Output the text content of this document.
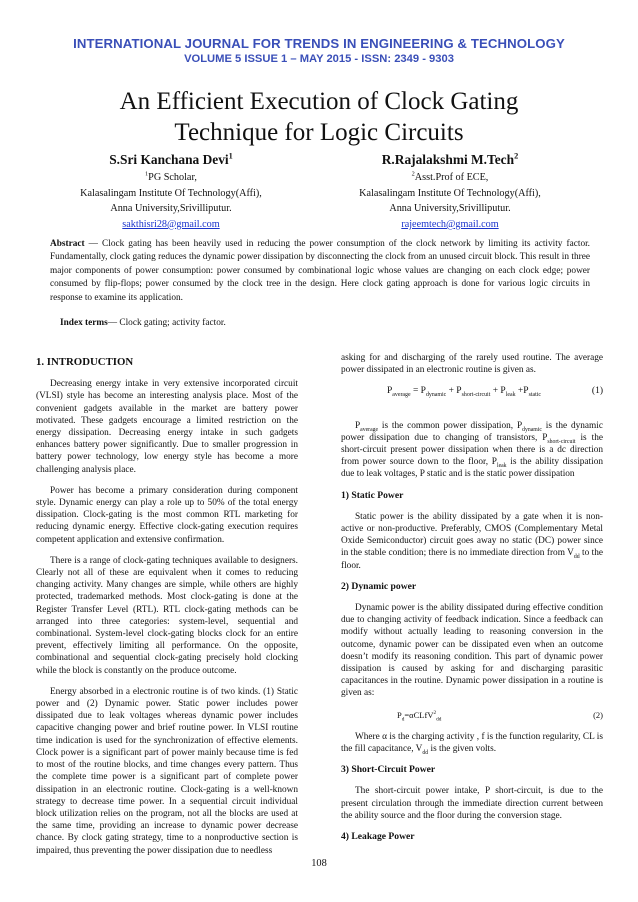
INTERNATIONAL JOURNAL FOR TRENDS IN ENGINEERING & TECHNOLOGY
VOLUME 5 ISSUE 1 – MAY 2015 - ISSN: 2349 - 9303
An Efficient Execution of Clock Gating
Technique for Logic Circuits
S.Sri Kanchana Devi$^1$
$^1$PG Scholar,
Kalasalingam Institute Of Technology(Affi),
Anna University,Srivilliputur.
sakthisri28@gmail.com
R.Rajalakshmi M.Tech$^2$
$^2$Asst.Prof of ECE,
Kalasalingam Institute Of Technology(Affi),
Anna University,Srivilliputur.
rajeemtech@gmail.com
Abstract — Clock gating has been heavily used in reducing the power consumption of the clock network by limiting its activity factor. Fundamentally, clock gating reduces the dynamic power dissipation by disconnecting the clock from an unused circuit block. This result in three major components of power consumption: power consumed by combinational logic whose values are changing on each clock edge; power consumed by flip-flops; power consumed by the clock tree in the design. Here clock gating approach is done for various logic circuits in response to examine its application.
Index terms— Clock gating; activity factor.
1. INTRODUCTION

Decreasing energy intake in very extensive incorporated circuit (VLSI) style has become an interesting analysis place. Most of the convenient gadgets available in the market are battery power motivated. These gadgets encourage a limited restriction on the energy dissipation. Decreasing energy intake in such gadgets enhances battery power significantly. Due to smaller progression in battery power technology, low energy style has become a more challenging analysis place.

Power has become a primary consideration during component style. Dynamic energy can play a role up to 50% of the total energy dissipation. Clock-gating is the most common RTL marketing for reducing dynamic energy. Effective clock-gating execution requires competent application and extensive confirmation.

There is a range of clock-gating techniques available to designers. Clearly not all of these are equivalent when it comes to reducing changing activity. Many changes are simple, while others are highly protected, trademarked methods. Most clock-gating is done at the Register Transfer Level (RTL). RTL clock-gating methods can be arranged into three categories: system-level, sequential and combinational. System-level clock-gating blocks clock for an entire prevent, effectively limiting all performance. On the opposite, combinational and sequential clock-gating precisely hold clocking while the block is constantly on the produce outcome.

Energy absorbed in a electronic routine is of two kinds. (1) Static power and (2) Dynamic power. Static power includes power dissipated due to leak voltages whereas dynamic power includes capacitive changing power and brief routine power. In VLSI routine time indication is used for the synchronization of effective elements. Clock power is a significant part of power mainly because time is fed to most of the routine blocks, and time changes every pattern. Thus the complete time power is a significant part of complete power dissipation in an electronic routine. Clock-gating is a well-known strategy to decrease time power. In a sequential circuit individual block utilization relies on the program, not all the blocks are used at the same time, providing an increase to dynamic power decrease chance. By clock gating strategy, time to a nonproductive section is impaired, thus preventing the power dissipation due to needless

asking for and discharging of the rarely used routine. The average power dissipated in an electronic routine is given as.

$P_{average} = P_{dynamic} + P_{short-circuit} + P_{leak} +P_{static}$	(1)

$P_{average}$ is the common power dissipation, $P_{dynamic}$ is the dynamic power dissipation due to changing of transistors, $P_{short-circuit}$ is the short-circuit present power dissipation when there is a dc direction from power source down to the floor, $P_{leak}$ is the ability dissipation due to leak voltages, P static and is the static power dissipation

1) Static Power

Static power is the ability dissipated by a gate when it is non-active or non-productive. Preferably, CMOS (Complementary Metal Oxide Semiconductor) circuit goes away no static (DC) power since in the stable condition; there is no immediate direction from $V_{dd}$ to the floor.

2) Dynamic power

Dynamic power is the ability dissipated during effective condition due to changing activity of feedback indication. Since a feedback can modify without actually leading to reasoning conversion in the outcome, dynamic power can be dissipated even when an outcome doesn’t modify its reasoning condition. This part of dynamic power dissipation is caused by asking for and discharging parasitic capacitances in the routine. Dynamic power dissipation in a routine is given as:

$P_d=\alpha CLfV^2_{dd}$	(2)

Where α is the charging activity , f is the function regularity, CL is the fill capacitance, $V_{dd}$ is the given volts.

3) Short-Circuit Power

The short-circuit power intake, P short-circuit, is due to the present circulation through the immediate direction current between the ability source and the floor during the conversion stage.

4) Leakage Power
108
